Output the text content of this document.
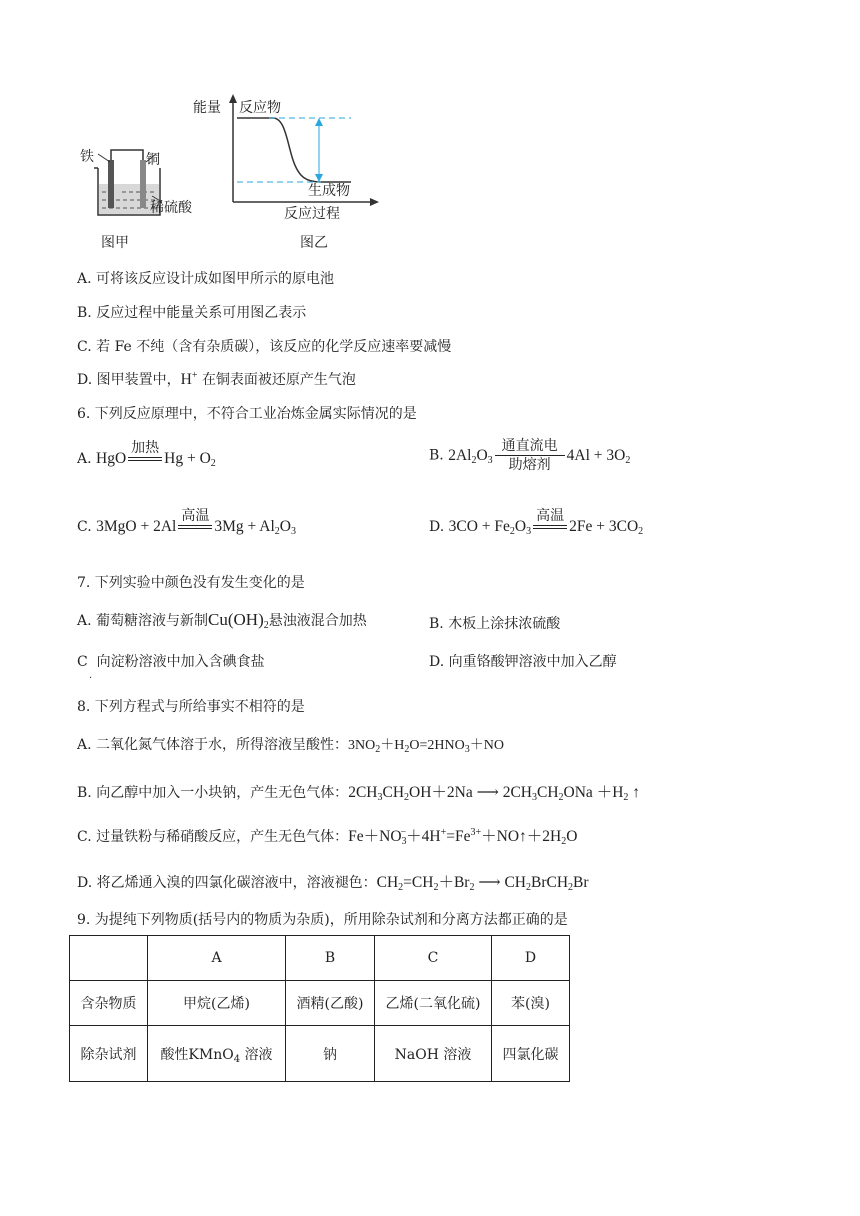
铁	铜
稀硫酸
图甲
能量 反应物
生成物
反应过程
图乙
A. 可将该反应设计成如图甲所示的原电池
B. 反应过程中能量关系可用图乙表示
C. 若 Fe 不纯（含有杂质碳），该反应的化学反应速率要减慢
D. 图甲装置中，H+ 在铜表面被还原产生气泡
6. 下列反应原理中，不符合工业冶炼金属实际情况的是
A. HgO
加热
$Hg + O_2$	B. $2Al_2O_3$
通直流电
助熔剂
$4Al + 3O_2$
C. 3MgO + 2Al
高温
$3Mg + Al_2O_3$	D. $3CO + Fe_2O_3$
高温
$2Fe + 3CO_2$
7. 下列实验中颜色没有发生变化的是
A. 葡萄糖溶液与新制$Cu(OH)_2$悬浊液混合加热	B. 木板上涂抹浓硫酸
C 向淀粉溶液中加入含碘食盐
.
D. 向重铬酸钾溶液中加入乙醇
8. 下列方程式与所给事实不相符的是
A. 二氧化氮气体溶于水，所得溶液呈酸性：$3NO_2+H_2O=2HNO_3+NO$
B. 向乙醇中加入一小块钠，产生无色气体：$2CH_3CH_2OH+2Na$ ⟶ $2CH_3CH_2ONa +H_2$ ↑
C. 过量铁粉与稀硝酸反应，产生无色气体：$Fe+NO_3^-+4H^+=Fe^{3+}+NO↑+2H_2O$
D. 将乙烯通入溴的四氯化碳溶液中，溶液褪色：$CH_2=CH_2+Br_2$ ⟶ $CH_2BrCH_2Br$
9. 为提纯下列物质(括号内的物质为杂质)，所用除杂试剂和分离方法都正确的是
	A	B	C	D
含杂物质	甲烷(乙烯)	酒精(乙酸)	乙烯(二氧化硫)	苯(溴)
除杂试剂	酸性KMnO$_4$ 溶液	钠	NaOH 溶液	四氯化碳
